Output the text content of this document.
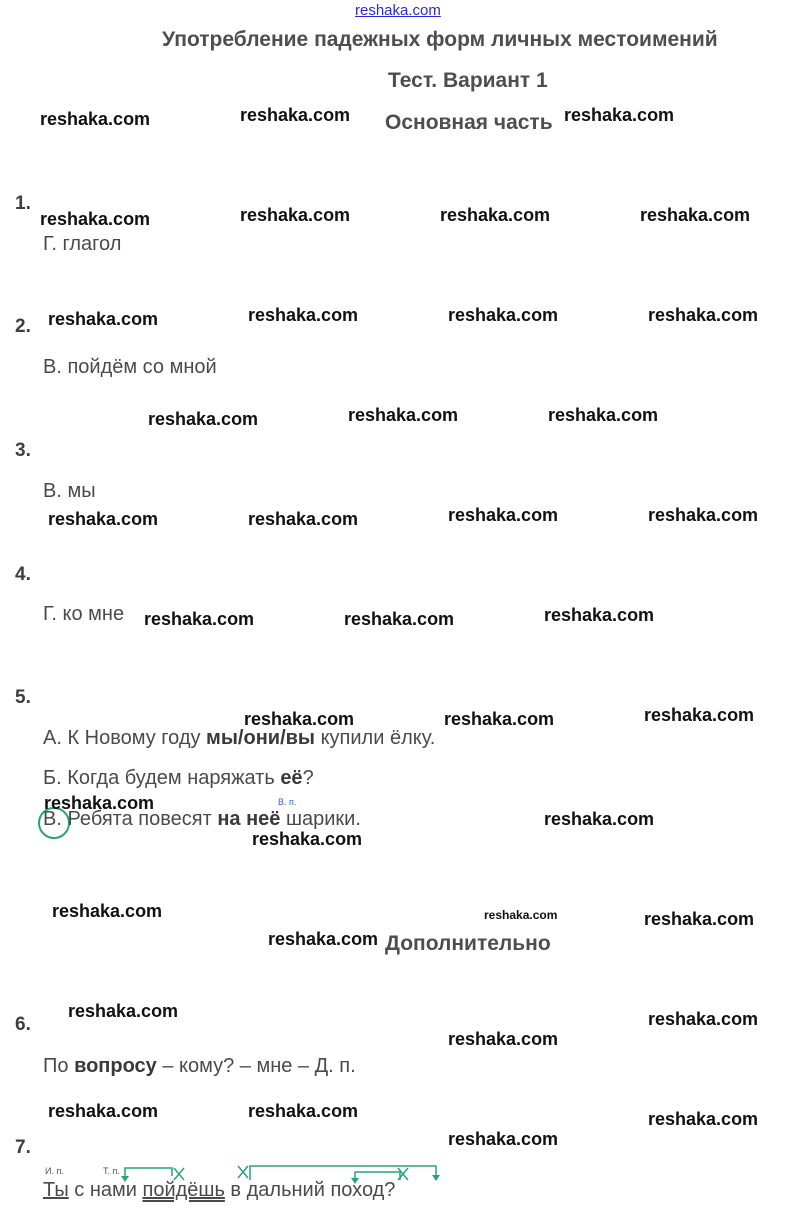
reshaka.com
Употребление падежных форм личных местоимений
Тест. Вариант 1
Основная часть
Дополнительно
1.
2.
3.
4.
5.
6.
7.
Г. глагол
В. пойдём со мной
В. мы
Г. ко мне
А. К Новому году мы/они/вы купили ёлку.
Б. Когда будем наряжать её?
В. п.
В. Ребята повесят на неё шарики.
По вопросу – кому? – мне – Д. п.
И. п.	Т. п.
Ты с нами пойдёшь в дальний поход?
reshaka.com	reshaka.com	reshaka.com
reshaka.com	reshaka.com	reshaka.com	reshaka.com
reshaka.com	reshaka.com	reshaka.com	reshaka.com
reshaka.com	reshaka.com	reshaka.com
reshaka.com	reshaka.com	reshaka.com	reshaka.com
reshaka.com	reshaka.com	reshaka.com
reshaka.com	reshaka.com	reshaka.com
reshaka.com
reshaka.com
reshaka.com
reshaka.com	reshaka.com	reshaka.com
reshaka.com
reshaka.com	reshaka.com
reshaka.com
reshaka.com	reshaka.com	reshaka.com
reshaka.com
